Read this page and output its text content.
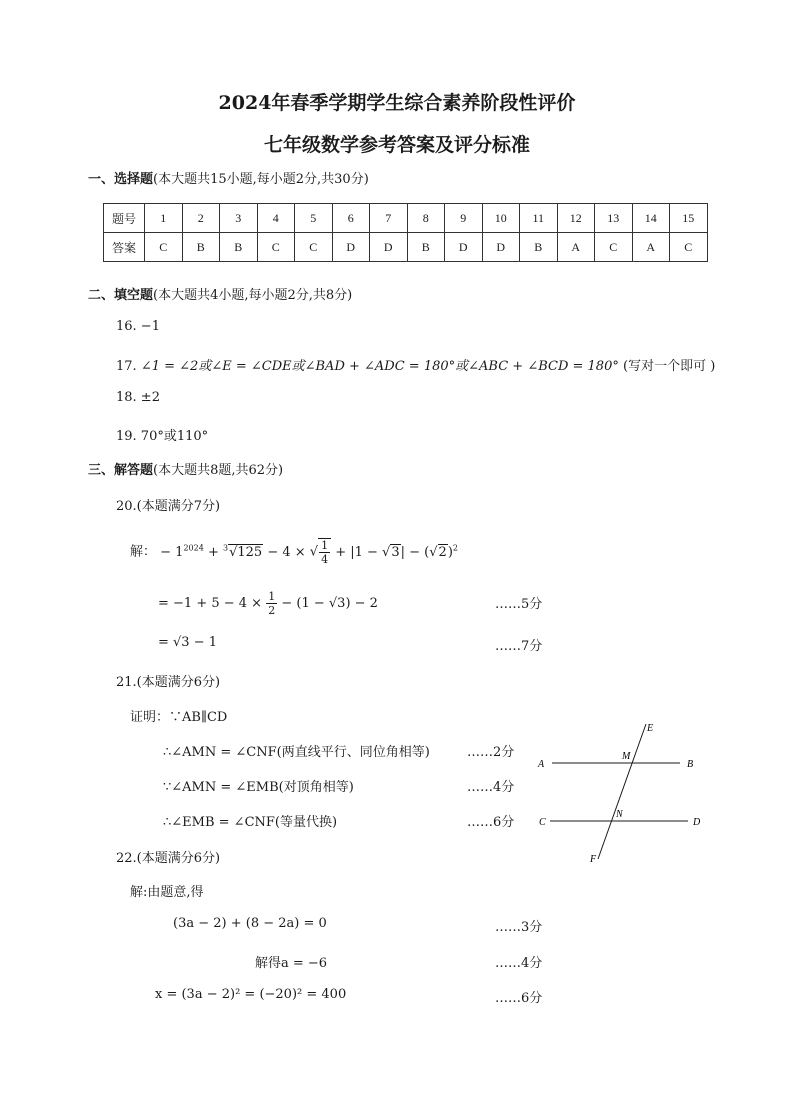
2024年春季学期学生综合素养阶段性评价
七年级数学参考答案及评分标准
一、选择题(本大题共15小题,每小题2分,共30分)
题号	1	2	3	4	5	6	7	8	9	10	11	12	13	14	15
答案	C	B	B	C	C	D	D	B	D	D	B	A	C	A	C
二、填空题(本大题共4小题,每小题2分,共8分)
16. −1
17. ∠1 = ∠2或∠E = ∠CDE或∠BAD + ∠ADC = 180°或∠ABC + ∠BCD = 180° (写对一个即可 )
18. ±2
19. 70°或110°
三、解答题(本大题共8题,共62分)
20.(本题满分7分)
解： − $1^{2024} + ^3√125 - 4$ × √ $\frac{1}{4} + |1 - √3| - (√2)^2$
= $-1 + 5 - 4 \times \frac{1}{2} - (1 - √3) - 2$	……5分
= √3 − 1	……7分
21.(本题满分6分)
证明：∵AB∥CD
∴∠AMN = ∠CNF(两直线平行、同位角相等)	……2分
∵∠AMN = ∠EMB(对顶角相等)	……4分
∴∠EMB = ∠CNF(等量代换)	……6分
A	B
C	D
E
F
M
N
22.(本题满分6分)
解:由题意,得
(3a − 2) + (8 − 2a) = 0	……3分
解得a = −6	……4分
x = (3a − 2)² = (−20)² = 400	……6分
